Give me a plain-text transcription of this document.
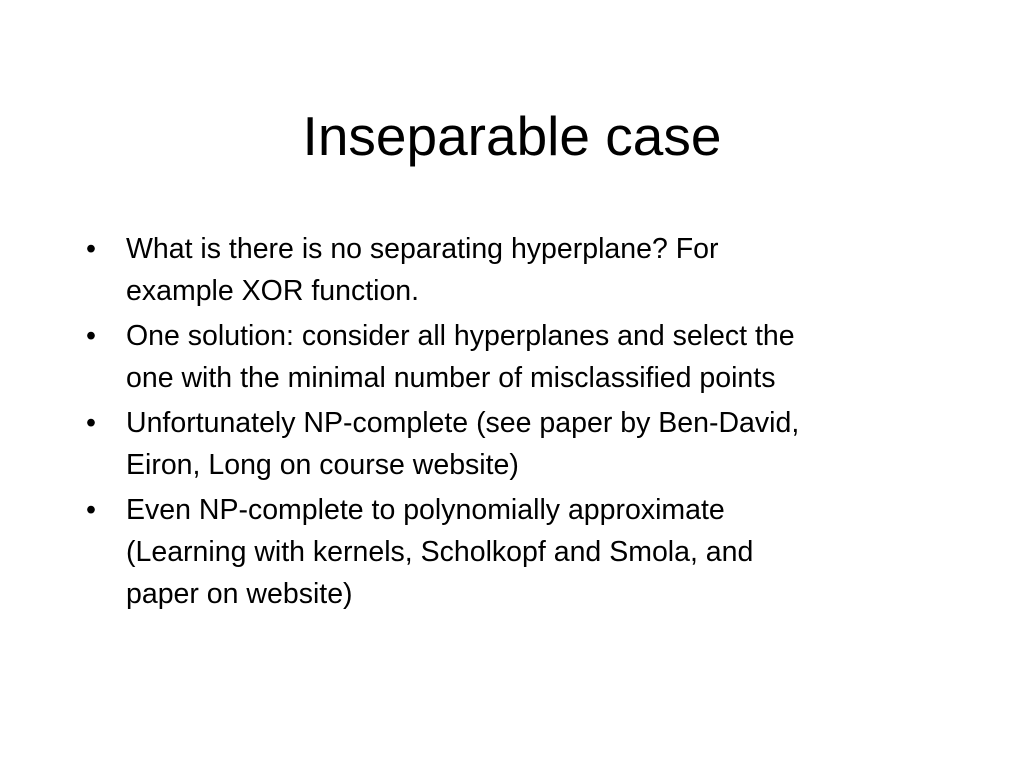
Inseparable case
•	What is there is no separating hyperplane? For
example XOR function.
•	One solution: consider all hyperplanes and select the
one with the minimal number of misclassified points
•	Unfortunately NP-complete (see paper by Ben-David,
Eiron, Long on course website)
•	Even NP-complete to polynomially approximate
(Learning with kernels, Scholkopf and Smola, and
paper on website)
